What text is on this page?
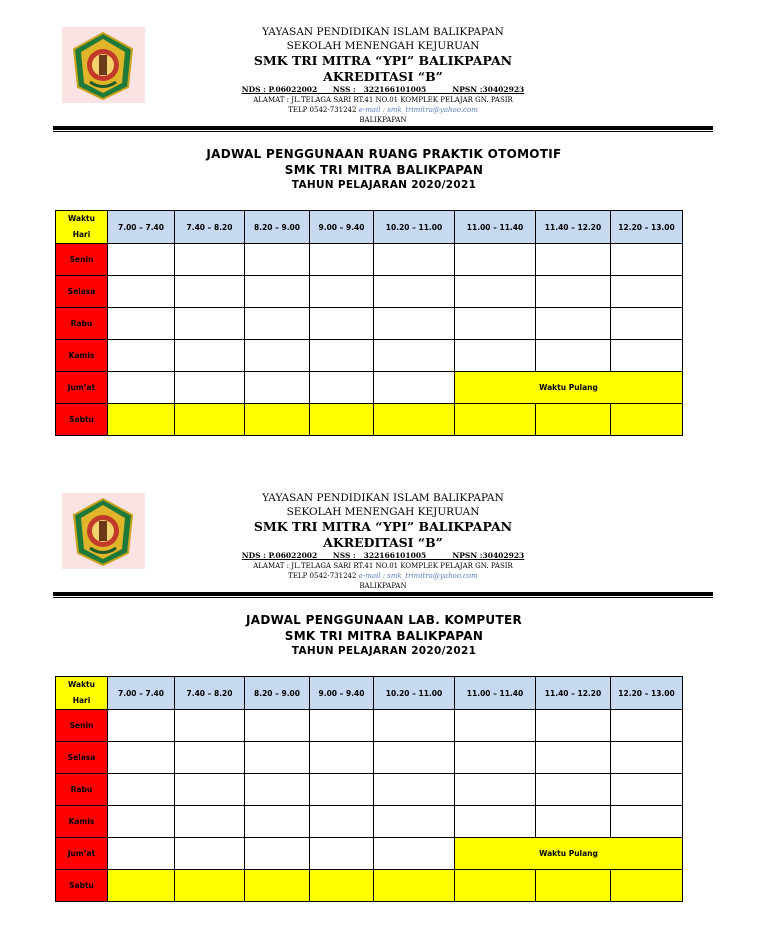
YAYASAN PENDIDIKAN ISLAM BALIKPAPAN
SEKOLAH MENENGAH KEJURUAN
SMK TRI MITRA “YPI” BALIKPAPAN
AKREDITASI “B”
NDS : P.06022002      NSS :   322166101005          NPSN :30402923
ALAMAT : JL.TELAGA SARI RT.41 NO.01 KOMPLEK PELAJAR GN. PASIR
TELP 0542-731242 e-mail : smk_trimitra@yahoo.com
BALIKPAPAN
JADWAL PENGGUNAAN RUANG PRAKTIK OTOMOTIF
SMK TRI MITRA BALIKPAPAN
TAHUN PELAJARAN 2020/2021
Waktu
Hari	7.00 – 7.40	7.40 – 8.20	8.20 – 9.00	9.00 – 9.40	10.20 – 11.00	11.00 – 11.40	11.40 – 12.20	12.20 – 13.00
Senin								
Selasa								
Rabu								
Kamis								
Jum’at						Waktu Pulang		
Sabtu								
YAYASAN PENDIDIKAN ISLAM BALIKPAPAN
SEKOLAH MENENGAH KEJURUAN
SMK TRI MITRA “YPI” BALIKPAPAN
AKREDITASI “B”
NDS : P.06022002      NSS :   322166101005          NPSN :30402923
ALAMAT : JL.TELAGA SARI RT.41 NO.01 KOMPLEK PELAJAR GN. PASIR
TELP 0542-731242 e-mail : smk_trimitra@yahoo.com
BALIKPAPAN
JADWAL PENGGUNAAN LAB. KOMPUTER
SMK TRI MITRA BALIKPAPAN
TAHUN PELAJARAN 2020/2021
Waktu
Hari	7.00 – 7.40	7.40 – 8.20	8.20 – 9.00	9.00 – 9.40	10.20 – 11.00	11.00 – 11.40	11.40 – 12.20	12.20 – 13.00
Senin								
Selasa								
Rabu								
Kamis								
Jum’at						Waktu Pulang		
Sabtu								
